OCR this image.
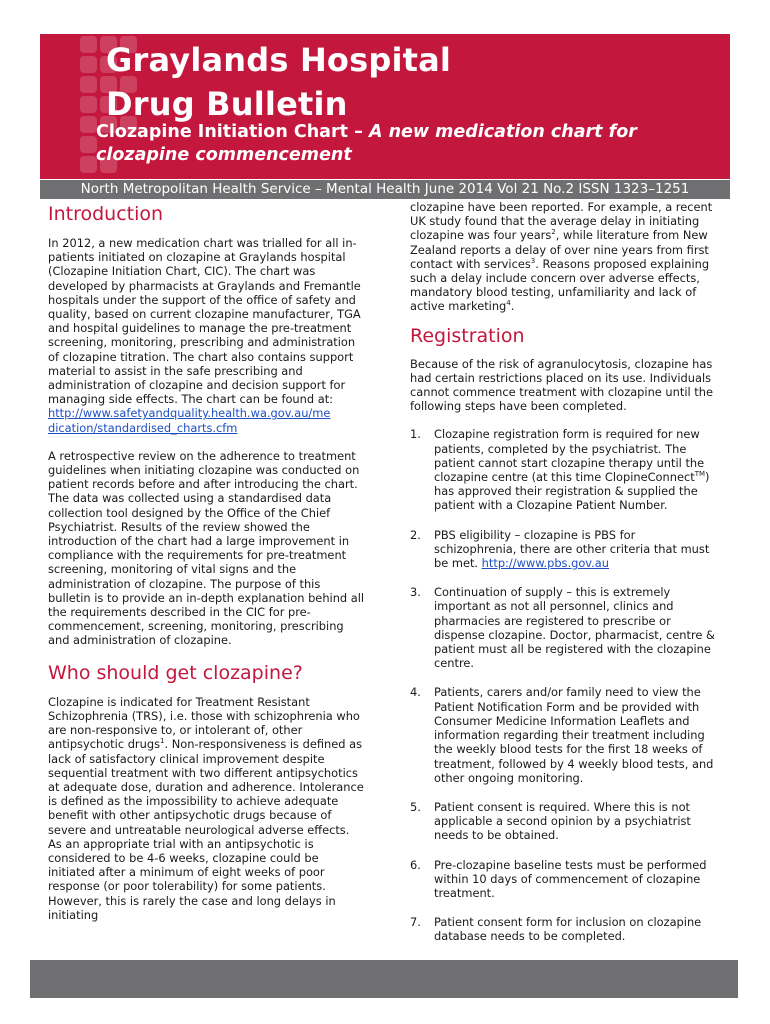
Graylands Hospital
Drug Bulletin
Clozapine Initiation Chart – A new medication chart for clozapine commencement
North Metropolitan Health Service – Mental Health June 2014 Vol 21 No.2 ISSN 1323–1251
Introduction

In 2012, a new medication chart was trialled for all in-patients initiated on clozapine at Graylands hospital (Clozapine Initiation Chart, CIC). The chart was developed by pharmacists at Graylands and Fremantle hospitals under the support of the office of safety and quality, based on current clozapine manufacturer, TGA and hospital guidelines to manage the pre-treatment screening, monitoring, prescribing and administration of clozapine titration. The chart also contains support material to assist in the safe prescribing and administration of clozapine and decision support for managing side effects. The chart can be found at:
http://www.safetyandquality.health.wa.gov.au/me
dication/standardised_charts.cfm

A retrospective review on the adherence to treatment guidelines when initiating clozapine was conducted on patient records before and after introducing the chart. The data was collected using a standardised data collection tool designed by the Office of the Chief Psychiatrist. Results of the review showed the introduction of the chart had a large improvement in compliance with the requirements for pre-treatment screening, monitoring of vital signs and the administration of clozapine. The purpose of this bulletin is to provide an in-depth explanation behind all the requirements described in the CIC for pre-commencement, screening, monitoring, prescribing and administration of clozapine.

Who should get clozapine?

Clozapine is indicated for Treatment Resistant Schizophrenia (TRS), i.e. those with schizophrenia who are non-responsive to, or intolerant of, other antipsychotic drugs$^1$. Non-responsiveness is defined as lack of satisfactory clinical improvement despite sequential treatment with two different antipsychotics at adequate dose, duration and adherence. Intolerance is defined as the impossibility to achieve adequate benefit with other antipsychotic drugs because of severe and untreatable neurological adverse effects. As an appropriate trial with an antipsychotic is considered to be 4-6 weeks, clozapine could be initiated after a minimum of eight weeks of poor response (or poor tolerability) for some patients. However, this is rarely the case and long delays in initiating

clozapine have been reported. For example, a recent UK study found that the average delay in initiating clozapine was four years$^2$, while literature from New Zealand reports a delay of over nine years from first contact with services$^3$. Reasons proposed explaining such a delay include concern over adverse effects, mandatory blood testing, unfamiliarity and lack of active marketing$^4$.

Registration

Because of the risk of agranulocytosis, clozapine has had certain restrictions placed on its use. Individuals cannot commence treatment with clozapine until the following steps have been completed.

1. Clozapine registration form is required for new patients, completed by the psychiatrist. The patient cannot start clozapine therapy until the clozapine centre (at this time ClopineConnect™) has approved their registration & supplied the patient with a Clozapine Patient Number.
2. PBS eligibility – clozapine is PBS for schizophrenia, there are other criteria that must be met. http://www.pbs.gov.au
3. Continuation of supply – this is extremely important as not all personnel, clinics and pharmacies are registered to prescribe or dispense clozapine. Doctor, pharmacist, centre & patient must all be registered with the clozapine centre.
4. Patients, carers and/or family need to view the Patient Notification Form and be provided with Consumer Medicine Information Leaflets and information regarding their treatment including the weekly blood tests for the first 18 weeks of treatment, followed by 4 weekly blood tests, and other ongoing monitoring.
5. Patient consent is required. Where this is not applicable a second opinion by a psychiatrist needs to be obtained.
6. Pre-clozapine baseline tests must be performed within 10 days of commencement of clozapine treatment.
7. Patient consent form for inclusion on clozapine database needs to be completed.
